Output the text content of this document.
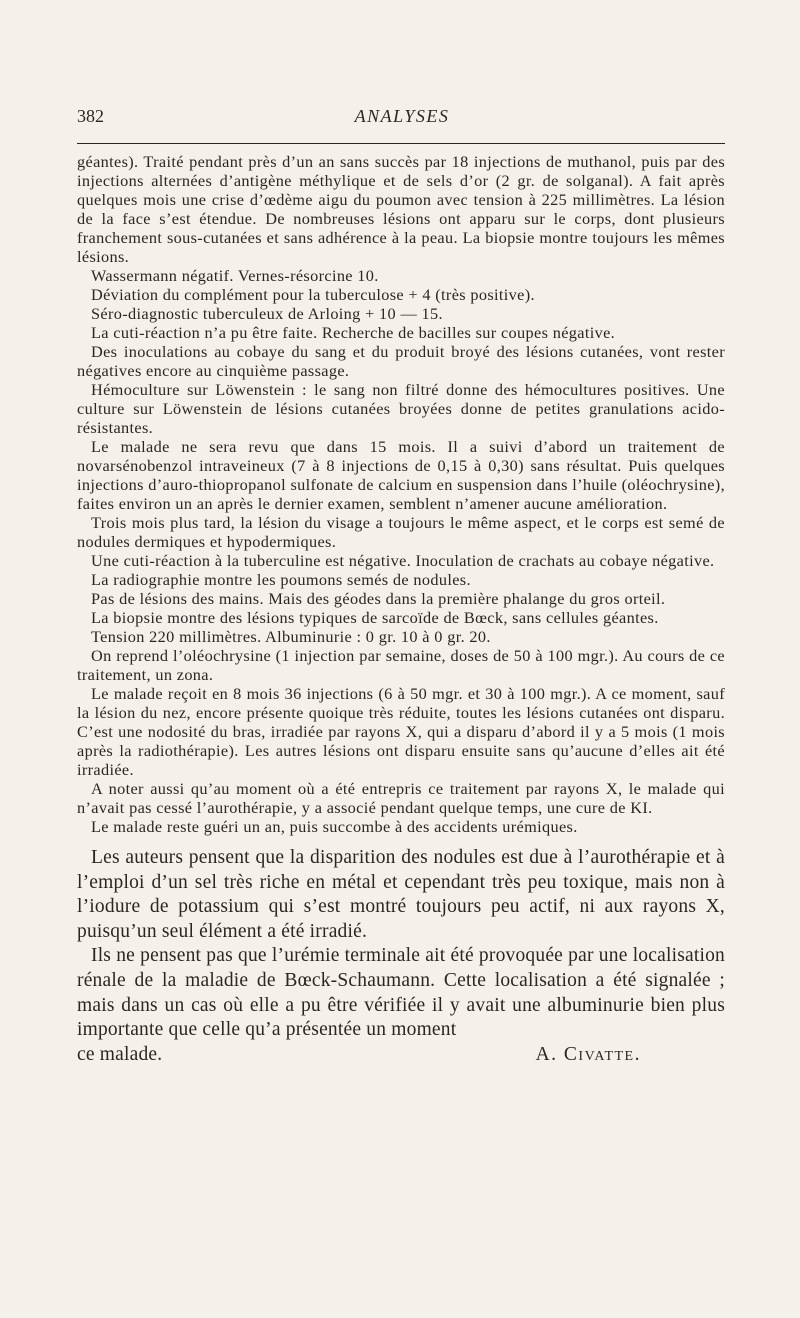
382	ANALYSES

géantes). Traité pendant près d’un an sans succès par 18 injections de muthanol, puis par des injections alternées d’antigène méthylique et de sels d’or (2 gr. de solganal). A fait après quelques mois une crise d’œdème aigu du poumon avec tension à 225 millimètres. La lésion de la face s’est étendue. De nombreuses lésions ont apparu sur le corps, dont plusieurs franchement sous-cutanées et sans adhérence à la peau. La biopsie montre toujours les mêmes lésions.

Wassermann négatif. Vernes-résorcine 10.

Déviation du complément pour la tuberculose + 4 (très positive).

Séro-diagnostic tuberculeux de Arloing + 10 — 15.

La cuti-réaction n’a pu être faite. Recherche de bacilles sur coupes négative.

Des inoculations au cobaye du sang et du produit broyé des lésions cutanées, vont rester négatives encore au cinquième passage.

Hémoculture sur Löwenstein : le sang non filtré donne des hémocultures positives. Une culture sur Löwenstein de lésions cutanées broyées donne de petites granulations acido-résistantes.

Le malade ne sera revu que dans 15 mois. Il a suivi d’abord un traitement de novarsénobenzol intraveineux (7 à 8 injections de 0,15 à 0,30) sans résultat. Puis quelques injections d’auro-thiopropanol sulfonate de calcium en suspension dans l’huile (oléochrysine), faites environ un an après le dernier examen, semblent n’amener aucune amélioration.

Trois mois plus tard, la lésion du visage a toujours le même aspect, et le corps est semé de nodules dermiques et hypodermiques.

Une cuti-réaction à la tuberculine est négative. Inoculation de crachats au cobaye négative.

La radiographie montre les poumons semés de nodules.

Pas de lésions des mains. Mais des géodes dans la première phalange du gros orteil.

La biopsie montre des lésions typiques de sarcoïde de Bœck, sans cellules géantes.

Tension 220 millimètres. Albuminurie : 0 gr. 10 à 0 gr. 20.

On reprend l’oléochrysine (1 injection par semaine, doses de 50 à 100 mgr.). Au cours de ce traitement, un zona.

Le malade reçoit en 8 mois 36 injections (6 à 50 mgr. et 30 à 100 mgr.). A ce moment, sauf la lésion du nez, encore présente quoique très réduite, toutes les lésions cutanées ont disparu. C’est une nodosité du bras, irradiée par rayons X, qui a disparu d’abord il y a 5 mois (1 mois après la radiothérapie). Les autres lésions ont disparu ensuite sans qu’aucune d’elles ait été irradiée.

A noter aussi qu’au moment où a été entrepris ce traitement par rayons X, le malade qui n’avait pas cessé l’aurothérapie, y a associé pendant quelque temps, une cure de KI.

Le malade reste guéri un an, puis succombe à des accidents urémiques.

Les auteurs pensent que la disparition des nodules est due à l’aurothérapie et à l’emploi d’un sel très riche en métal et cependant très peu toxique, mais non à l’iodure de potassium qui s’est montré toujours peu actif, ni aux rayons X, puisqu’un seul élément a été irradié.

Ils ne pensent pas que l’urémie terminale ait été provoquée par une localisation rénale de la maladie de Bœck-Schaumann. Cette localisation a été signalée ; mais dans un cas où elle a pu être vérifiée il y avait une albuminurie bien plus importante que celle qu’a présentée un moment

ce malade.	A. Civatte.
